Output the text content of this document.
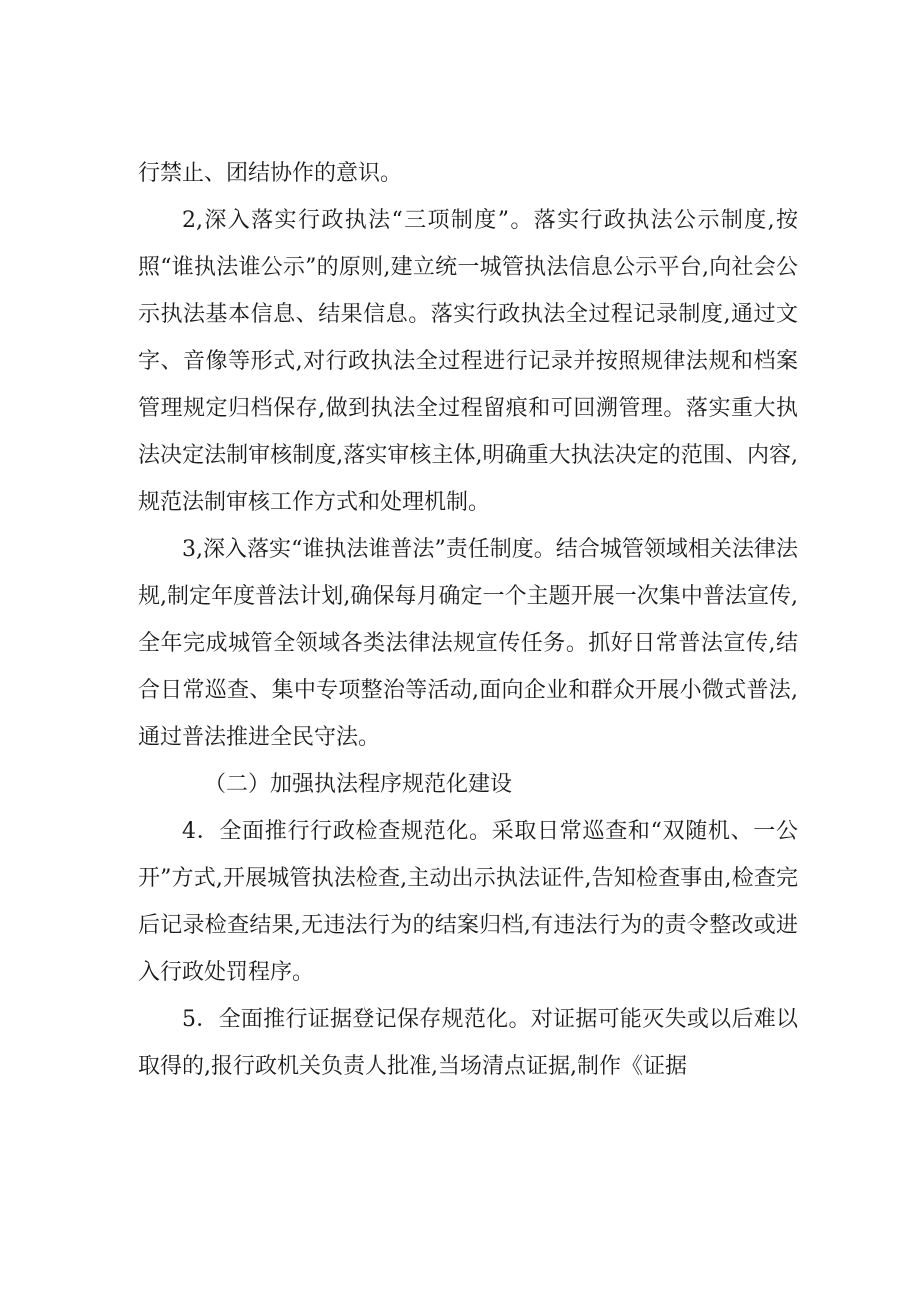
行禁止、团结协作的意识。

2,深入落实行政执法“三项制度”。落实行政执法公示制度,按照“谁执法谁公示”的原则,建立统一城管执法信息公示平台,向社会公示执法基本信息、结果信息。落实行政执法全过程记录制度,通过文字、音像等形式,对行政执法全过程进行记录并按照规律法规和档案管理规定归档保存,做到执法全过程留痕和可回溯管理。落实重大执法决定法制审核制度,落实审核主体,明确重大执法决定的范围、内容,规范法制审核工作方式和处理机制。

3,深入落实“谁执法谁普法”责任制度。结合城管领域相关法律法规,制定年度普法计划,确保每月确定一个主题开展一次集中普法宣传,全年完成城管全领域各类法律法规宣传任务。抓好日常普法宣传,结合日常巡查、集中专项整治等活动,面向企业和群众开展小微式普法,通过普法推进全民守法。

（二）加强执法程序规范化建设

4．全面推行行政检查规范化。采取日常巡查和“双随机、一公开”方式,开展城管执法检查,主动出示执法证件,告知检查事由,检查完后记录检查结果,无违法行为的结案归档,有违法行为的责令整改或进入行政处罚程序。

5．全面推行证据登记保存规范化。对证据可能灭失或以后难以取得的,报行政机关负责人批准,当场清点证据,制作《证据
